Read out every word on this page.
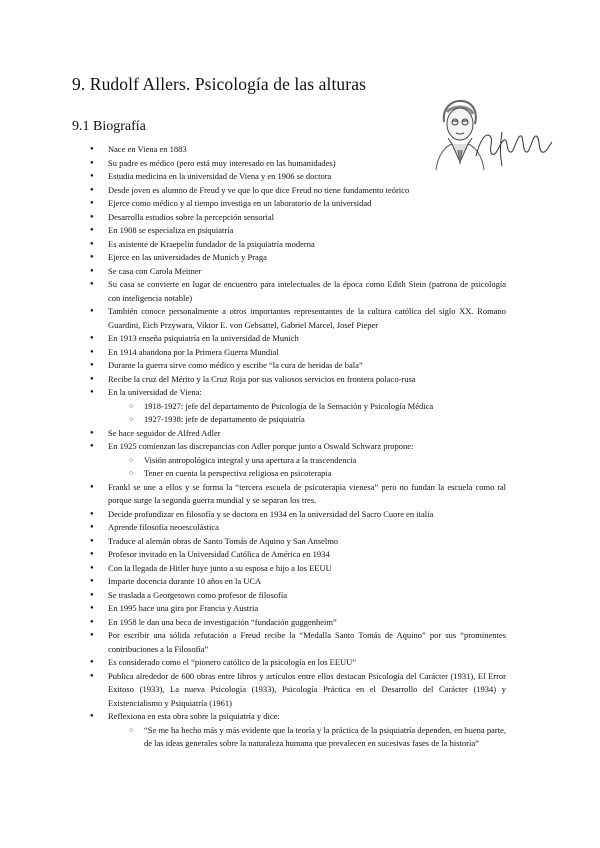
9. Rudolf Allers. Psicología de las alturas
9.1 Biografía
● Nace en Viena en 1883
● Su padre es médico (pero está muy interesado en las humanidades)
● Estudia medicina en la universidad de Viena y en 1906 se doctora
● Desde joven es alumno de Freud y ve que lo que dice Freud no tiene fundamento teórico
● Ejerce como médico y al tiempo investiga en un laboratorio de la universidad
● Desarrolla estudios sobre la percepción sensorial
● En 1908 se especializa en psiquiatría
● Es asistente de Kraepelin fundador de la psiquiatría moderna
● Ejerce en las universidades de Munich y Praga
● Se casa con Carola Meitner
● Su casa se convierte en lugar de encuentro para intelectuales de la época como Edith Stein (patrona de psicología con inteligencia notable)
● También conoce personalmente a otros importantes representantes de la cultura católica del siglo XX. Romano Guardini, Eich Przywara, Viktor E. von Gebsattel, Gabriel Marcel, Josef Pieper
● En 1913 enseña psiquiatría en la universidad de Munich
● En 1914 abandona por la Primera Guerra Mundial
● Durante la guerra sirve como médico y escribe “la cura de heridas de bala”
● Recibe la cruz del Mérito y la Cruz Roja por sus valiosos servicios en frontera polaco-rusa
● En la universidad de Viena:
○ 1918-1927: jefe del departamento de Psicología de la Sensación y Psicología Médica
○ 1927-1938: jefe de departamento de psiquiatría
● Se hace seguidor de Alfred Adler
● En 1925 comienzan las discrepancias con Adler porque junto a Oswald Schwarz propone:
○ Visión antropológica integral y una apertura a la trascendencia
○ Tener en cuenta la perspectiva religiosa en psicoterapia
● Frankl se une a ellos y se forma la “tercera escuela de psicoterapia vienesa” pero no fundan la escuela como tal porque surge la segunda guerra mundial y se separan los tres.
● Decide profundizar en filosofía y se doctora en 1934 en la universidad del Sacro Cuore en italia
● Aprende filosofía neoescolástica
● Traduce al alemán obras de Santo Tomás de Aquino y San Anselmo
● Profesor invitado en la Universidad Católica de América en 1934
● Con la llegada de Hitler huye junto a su esposa e hijo a los EEUU
● Imparte docencia durante 10 años en la UCA
● Se traslada a Georgetown como profesor de filosofía
● En 1995 hace una gira por Francia y Austria
● En 1958 le dan una beca de investigación “fundación guggenheim”
● Por escribir una sólida refutación a Freud recibe la “Medalla Santo Tomás de Aquino” por sus “prominentes contribuciones a la Filosofía”
● Es considerado como el “pionero católico de la psicología en los EEUU”
● Publica alrededor de 600 obras entre libros y artículos entre ellos destacan Psicología del Carácter (1931), El Error Exitoso (1933), La nueva Psicología (1933), Psicología Práctica en el Desarrollo del Carácter (1934) y Existencialismo y Psiquiatría (1961)
● Reflexiona en esta obra sobre la psiquiatría y dice:
○ “Se me ha hecho más y más evidente que la teoría y la práctica de la psiquiatría dependen, en buena parte, de las ideas generales sobre la naturaleza humana que prevalecen en sucesivas fases de la historia”
